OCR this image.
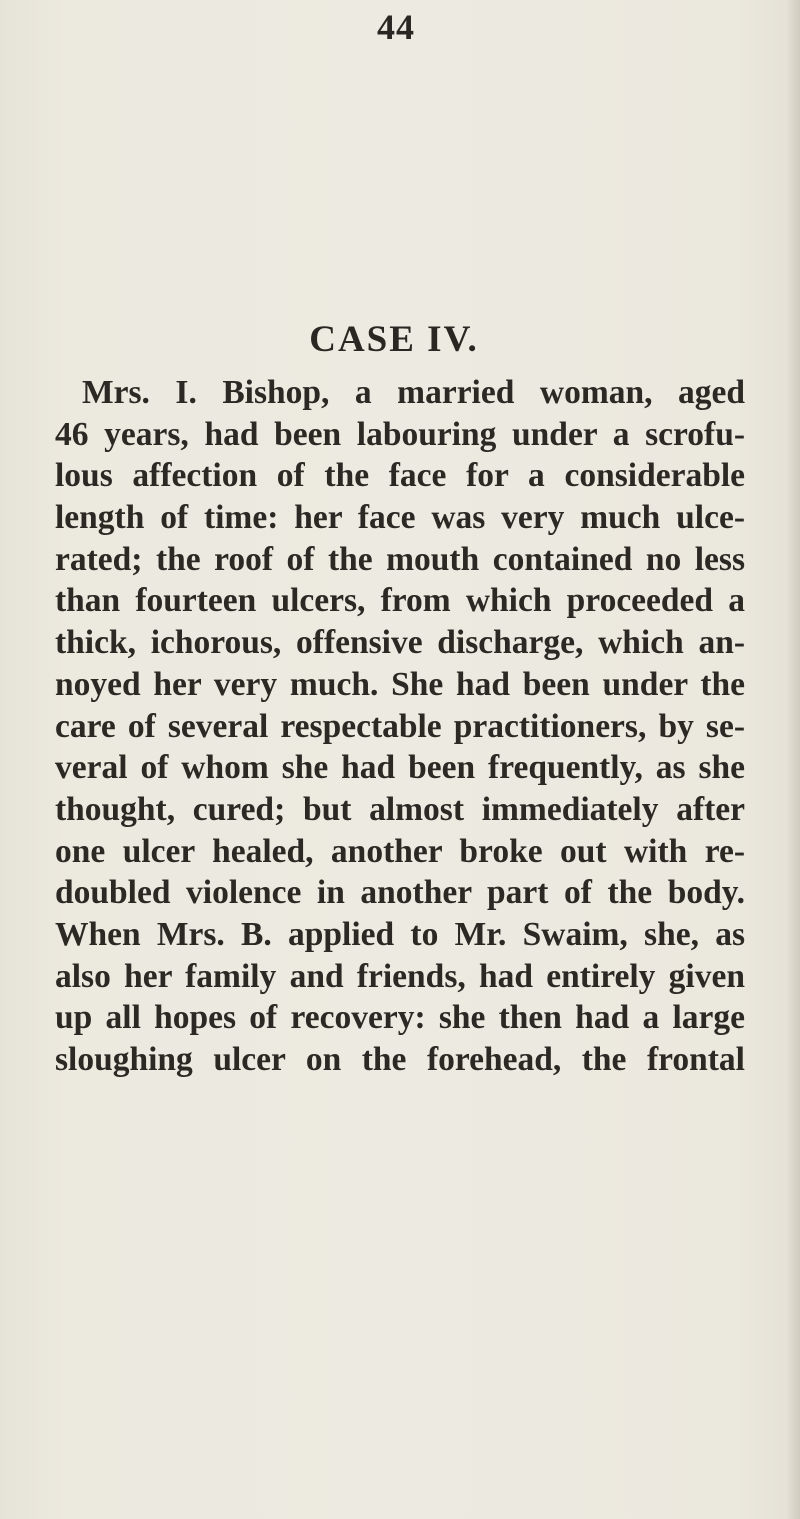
44
CASE IV.
Mrs. I. Bishop, a married woman, aged
46 years, had been labouring under a scrofu-
lous affection of the face for a considerable
length of time: her face was very much ulce-
rated; the roof of the mouth contained no less
than fourteen ulcers, from which proceeded a
thick, ichorous, offensive discharge, which an-
noyed her very much. She had been under the
care of several respectable practitioners, by se-
veral of whom she had been frequently, as she
thought, cured; but almost immediately after
one ulcer healed, another broke out with re-
doubled violence in another part of the body.
When Mrs. B. applied to Mr. Swaim, she, as
also her family and friends, had entirely given
up all hopes of recovery: she then had a large
sloughing ulcer on the forehead, the frontal
